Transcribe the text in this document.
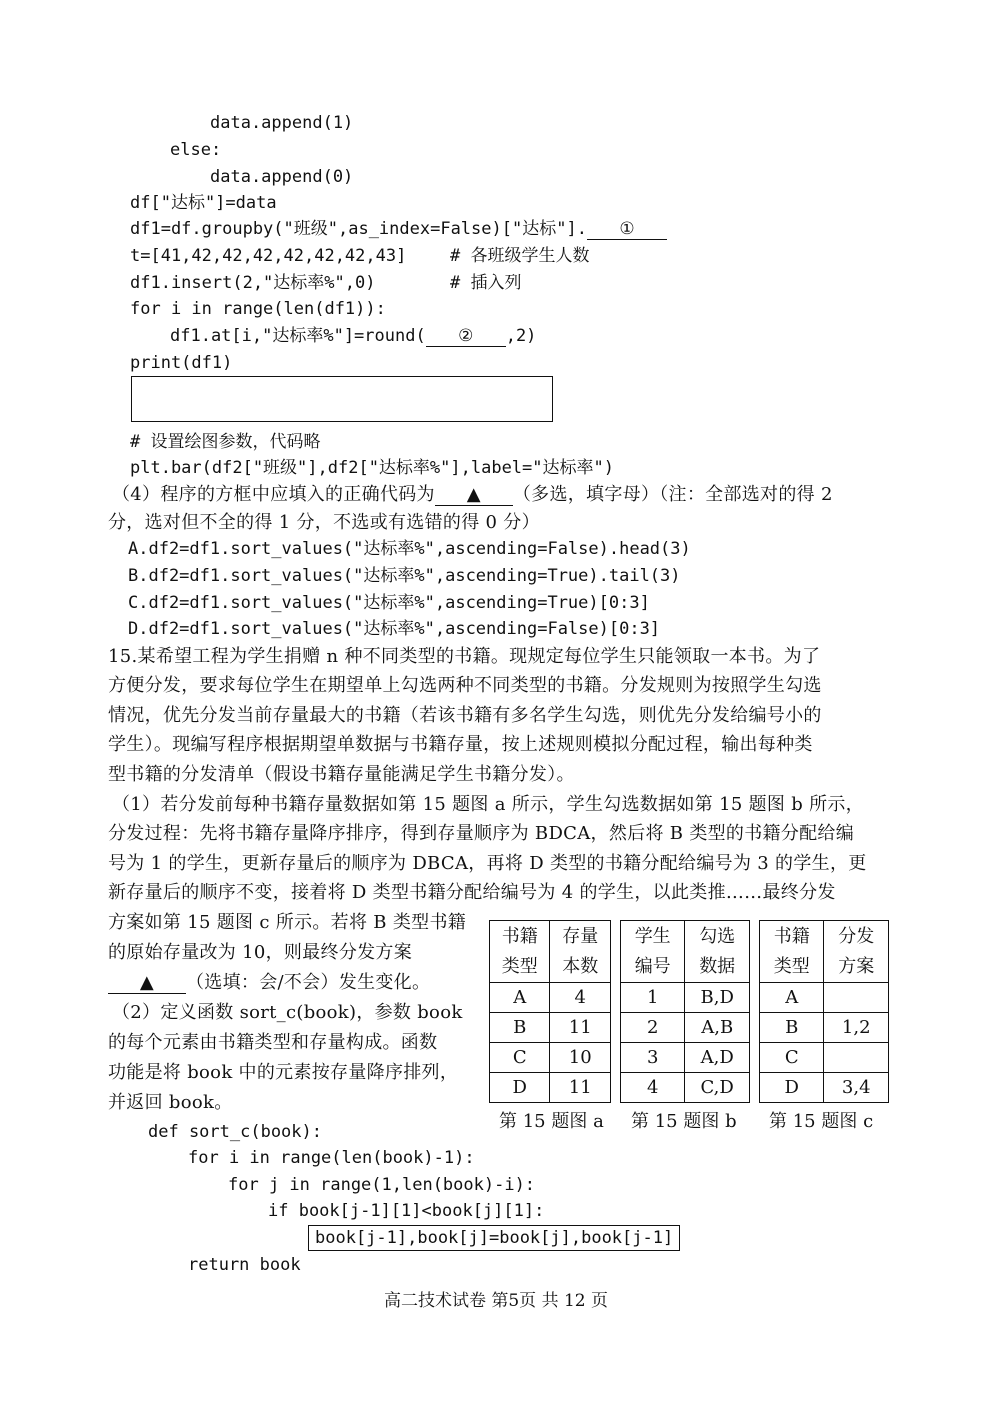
data.append(1)
else:
data.append(0)
df["达标"]=data
df1=df.groupby("班级",as_index=False)["达标"]. ①
t=[41,42,42,42,42,42,42,43]	# 各班级学生人数
df1.insert(2,"达标率%",0)	# 插入列
for i in range(len(df1)):
df1.at[i,"达标率%"]=round( ② ,2)
print(df1)
# 设置绘图参数，代码略
plt.bar(df2["班级"],df2["达标率%"],label="达标率")
（4）程序的方框中应填入的正确代码为 ▲ （多选，填字母）（注：全部选对的得 2
分，选对但不全的得 1 分，不选或有选错的得 0 分）
A.df2=df1.sort_values("达标率%",ascending=False).head(3)
B.df2=df1.sort_values("达标率%",ascending=True).tail(3)
C.df2=df1.sort_values("达标率%",ascending=True)[0:3]
D.df2=df1.sort_values("达标率%",ascending=False)[0:3]
15.某希望工程为学生捐赠 n 种不同类型的书籍。现规定每位学生只能领取一本书。为了
方便分发，要求每位学生在期望单上勾选两种不同类型的书籍。分发规则为按照学生勾选
情况，优先分发当前存量最大的书籍（若该书籍有多名学生勾选，则优先分发给编号小的
学生）。现编写程序根据期望单数据与书籍存量，按上述规则模拟分配过程，输出每种类
型书籍的分发清单（假设书籍存量能满足学生书籍分发）。
（1）若分发前每种书籍存量数据如第 15 题图 a 所示，学生勾选数据如第 15 题图 b 所示，
分发过程：先将书籍存量降序排序，得到存量顺序为 BDCA，然后将 B 类型的书籍分配给编
号为 1 的学生，更新存量后的顺序为 DBCA，再将 D 类型的书籍分配给编号为 3 的学生，更
新存量后的顺序不变，接着将 D 类型书籍分配给编号为 4 的学生，以此类推……最终分发
方案如第 15 题图 c 所示。若将 B 类型书籍
的原始存量改为 10，则最终分发方案
▲ （选填：会/不会）发生变化。
（2）定义函数 sort_c(book)，参数 book
的每个元素由书籍类型和存量构成。函数
功能是将 book 中的元素按存量降序排列，
并返回 book。
书籍
类型	存量
本数
A	4
B	11
C	10
D	11
第 15 题图 a
学生
编号	勾选
数据
1	B,D
2	A,B
3	A,D
4	C,D
第 15 题图 b
书籍
类型	分发
方案
A	
B	1,2
C	
D	3,4
第 15 题图 c
def sort_c(book):
for i in range(len(book)-1):
for j in range(1,len(book)-i):
if book[j-1][1]<book[j][1]:
book[j-1],book[j]=book[j],book[j-1]
return book
高二技术试卷 第5页 共 12 页
